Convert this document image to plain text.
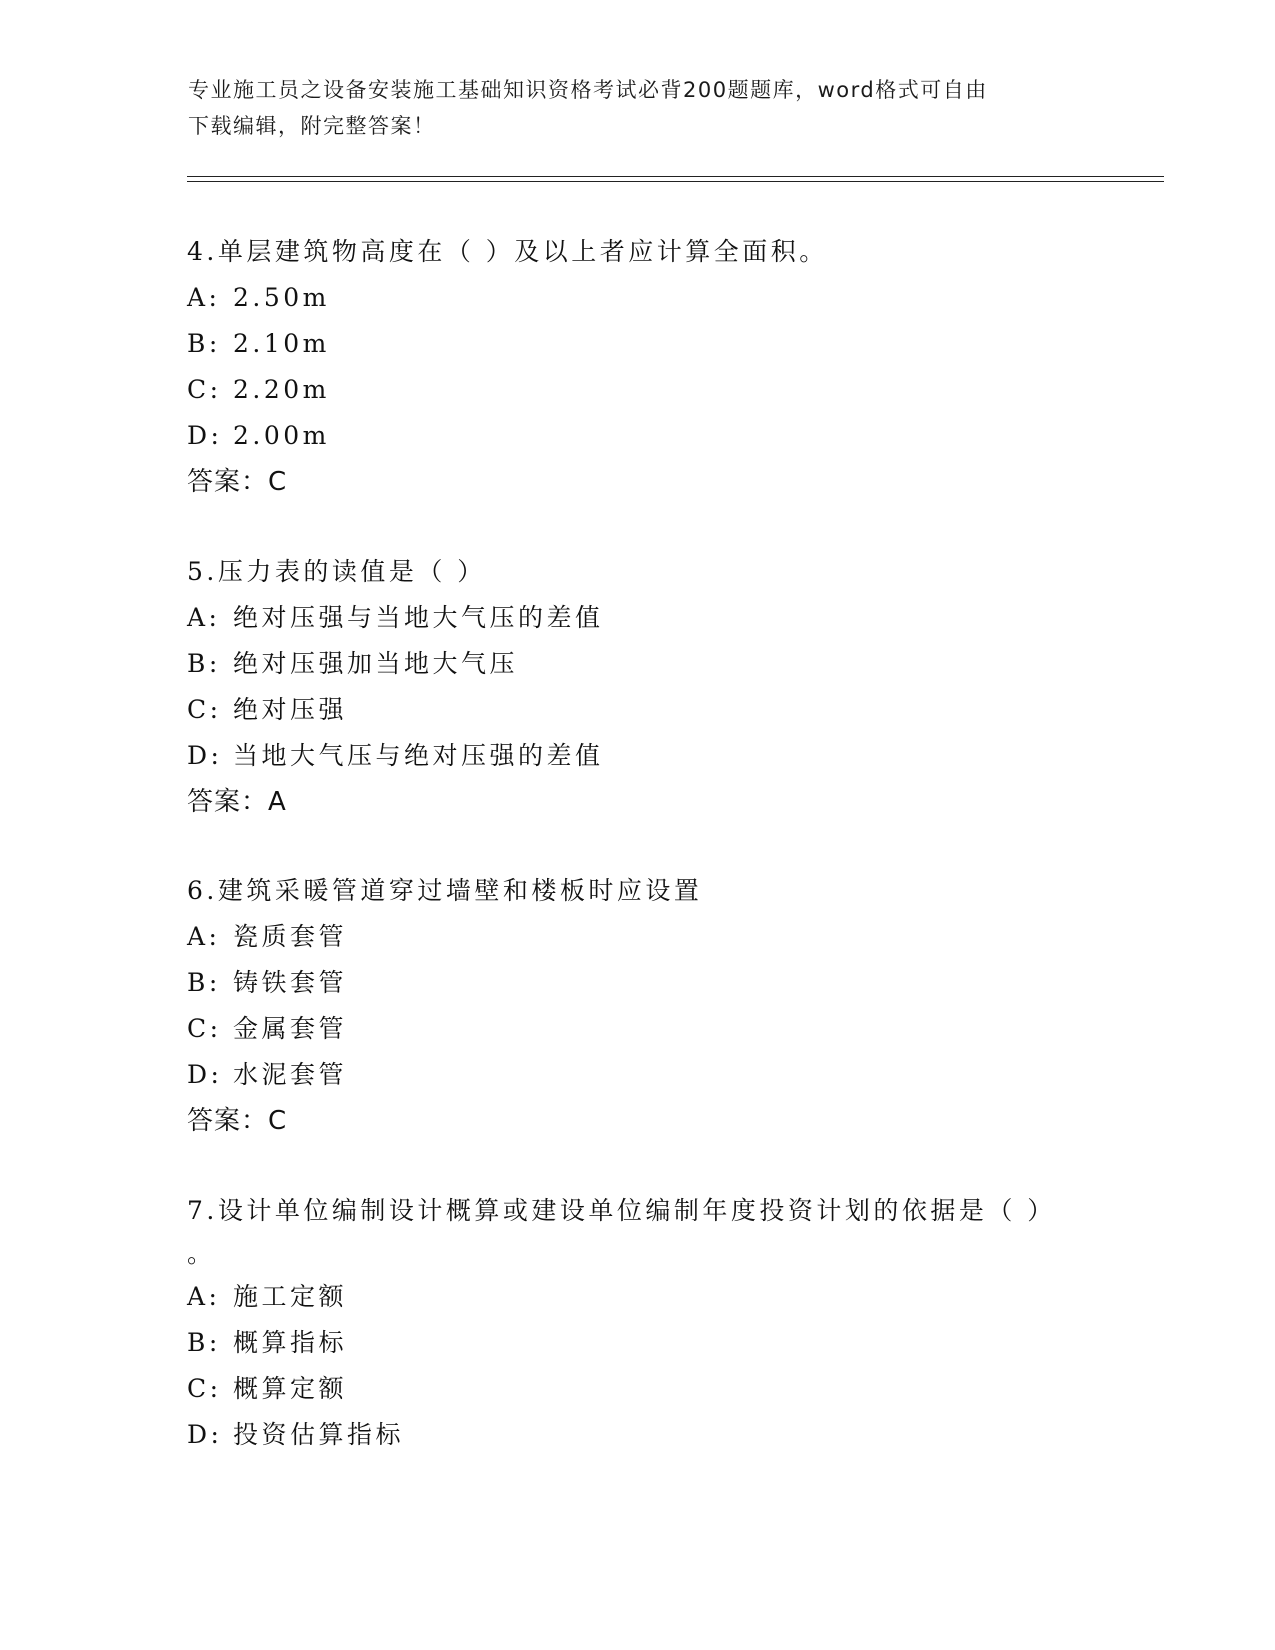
专业施工员之设备安装施工基础知识资格考试必背200题题库，word格式可自由
下载编辑，附完整答案！
4.单层建筑物高度在（ ）及以上者应计算全面积。
A: 2.50m
B: 2.10m
C: 2.20m
D: 2.00m
答案：C
5.压力表的读值是（ ）
A: 绝对压强与当地大气压的差值
B: 绝对压强加当地大气压
C: 绝对压强
D: 当地大气压与绝对压强的差值
答案：A
6.建筑采暖管道穿过墙壁和楼板时应设置
A: 瓷质套管
B: 铸铁套管
C: 金属套管
D: 水泥套管
答案：C
7.设计单位编制设计概算或建设单位编制年度投资计划的依据是（ ）
。
A: 施工定额
B: 概算指标
C: 概算定额
D: 投资估算指标
